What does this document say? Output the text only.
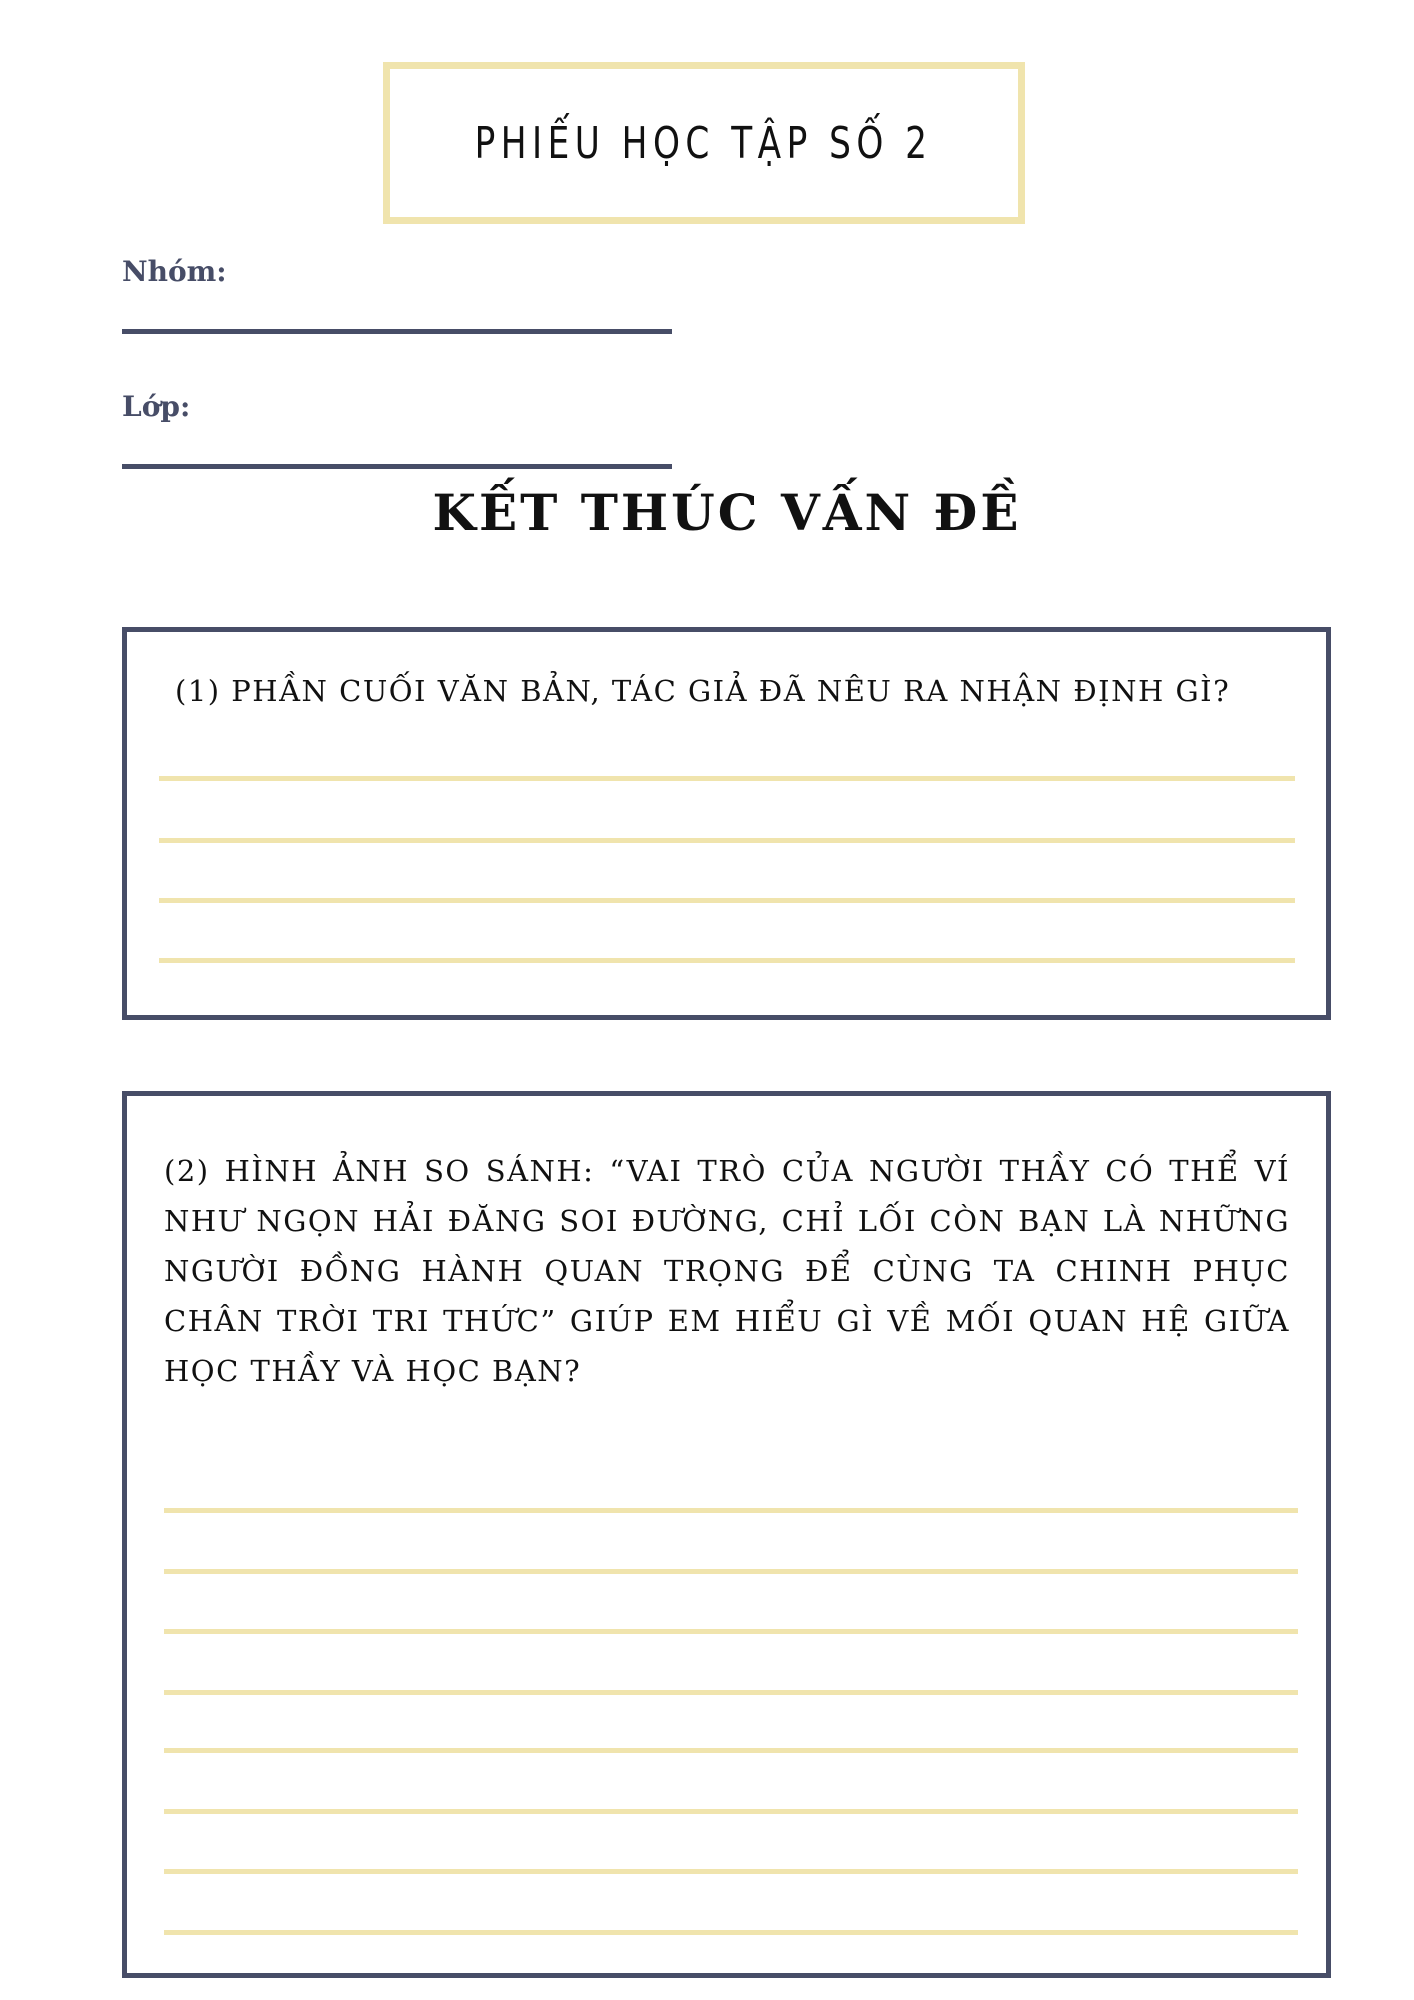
PHIẾU HỌC TẬP SỐ 2
Nhóm:
Lớp:
KẾT THÚC VẤN ĐỀ
(1) PHẦN CUỐI VĂN BẢN, TÁC GIẢ ĐÃ NÊU RA NHẬN ĐỊNH GÌ?
(2) HÌNH ẢNH SO SÁNH: “VAI TRÒ CỦA NGƯỜI THẦY CÓ THỂ VÍ NHƯ NGỌN HẢI ĐĂNG SOI ĐƯỜNG, CHỈ LỐI CÒN BẠN LÀ NHỮNG NGƯỜI ĐỒNG HÀNH QUAN TRỌNG ĐỂ CÙNG TA CHINH PHỤC CHÂN TRỜI TRI THỨC” GIÚP EM HIỂU GÌ VỀ MỐI QUAN HỆ GIỮA HỌC THẦY VÀ HỌC BẠN?
